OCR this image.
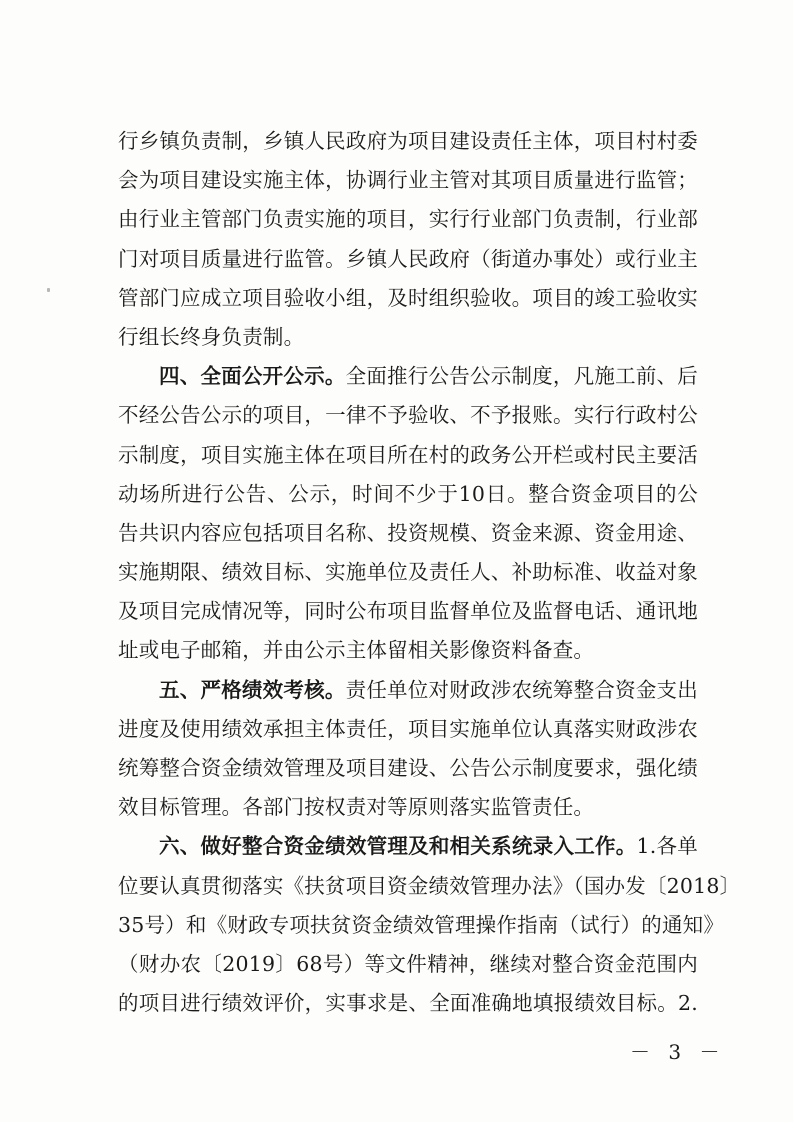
行乡镇负责制，乡镇人民政府为项目建设责任主体，项目村村委
会为项目建设实施主体，协调行业主管对其项目质量进行监管；
由行业主管部门负责实施的项目，实行行业部门负责制，行业部
门对项目质量进行监管。乡镇人民政府（街道办事处）或行业主
管部门应成立项目验收小组，及时组织验收。项目的竣工验收实
行组长终身负责制。
四、全面公开公示。全面推行公告公示制度，凡施工前、后
不经公告公示的项目，一律不予验收、不予报账。实行行政村公
示制度，项目实施主体在项目所在村的政务公开栏或村民主要活
动场所进行公告、公示，时间不少于10日。整合资金项目的公
告共识内容应包括项目名称、投资规模、资金来源、资金用途、
实施期限、绩效目标、实施单位及责任人、补助标准、收益对象
及项目完成情况等，同时公布项目监督单位及监督电话、通讯地
址或电子邮箱，并由公示主体留相关影像资料备查。
五、严格绩效考核。责任单位对财政涉农统筹整合资金支出
进度及使用绩效承担主体责任，项目实施单位认真落实财政涉农
统筹整合资金绩效管理及项目建设、公告公示制度要求，强化绩
效目标管理。各部门按权责对等原则落实监管责任。
六、做好整合资金绩效管理及和相关系统录入工作。1.各单
位要认真贯彻落实《扶贫项目资金绩效管理办法》（国办发〔2018〕
35号）和《财政专项扶贫资金绩效管理操作指南（试行）的通知》
（财办农〔2019〕68号）等文件精神，继续对整合资金范围内
的项目进行绩效评价，实事求是、全面准确地填报绩效目标。2.
－ 3 －
